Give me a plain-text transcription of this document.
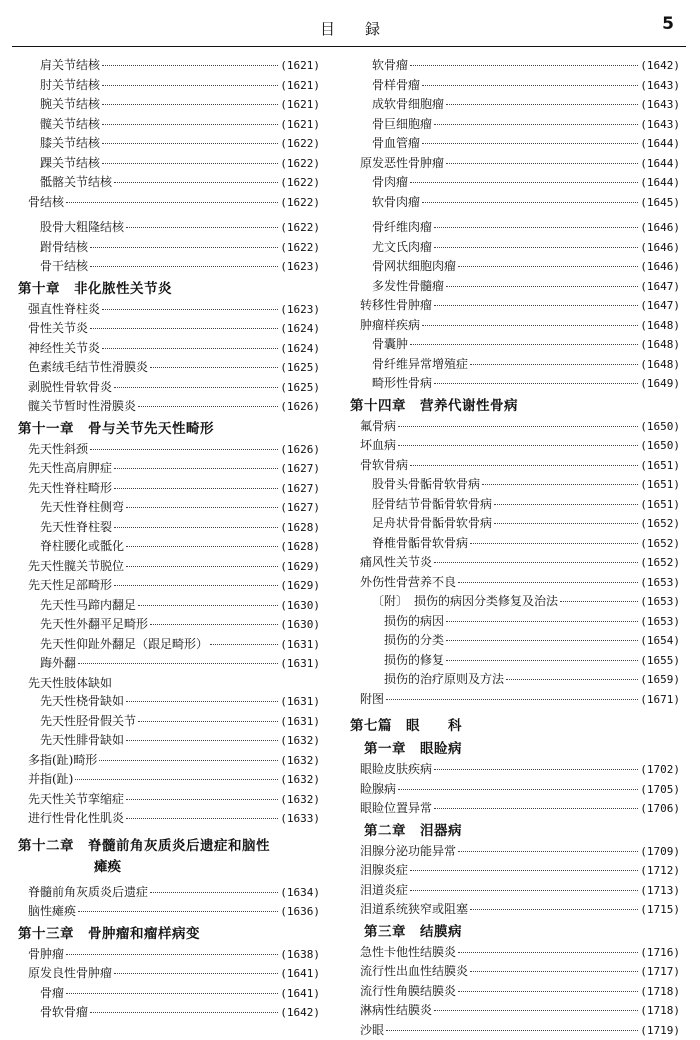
目　　録	5
肩关节结核	(1621)
肘关节结核	(1621)
腕关节结核	(1621)
髋关节结核	(1621)
膝关节结核	(1622)
踝关节结核	(1622)
骶髂关节结核	(1622)
骨结核	(1622)
股骨大粗隆结核	(1622)
跗骨结核	(1622)
骨干结核	(1623)
第十章　非化脓性关节炎
强直性脊柱炎	(1623)
骨性关节炎	(1624)
神经性关节炎	(1624)
色素绒毛结节性滑膜炎	(1625)
剥脱性骨软骨炎	(1625)
髋关节暂时性滑膜炎	(1626)
第十一章　骨与关节先天性畸形
先天性斜颈	(1626)
先天性高肩胛症	(1627)
先天性脊柱畸形	(1627)
先天性脊柱侧弯	(1627)
先天性脊柱裂	(1628)
脊柱腰化或骶化	(1628)
先天性髋关节脱位	(1629)
先天性足部畸形	(1629)
先天性马蹄内翻足	(1630)
先天性外翻平足畸形	(1630)
先天性仰趾外翻足（跟足畸形）	(1631)
踇外翻	(1631)
先天性肢体缺如
先天性桡骨缺如	(1631)
先天性胫骨假关节	(1631)
先天性腓骨缺如	(1632)
多指(趾)畸形	(1632)
并指(趾)	(1632)
先天性关节挛缩症	(1632)
进行性骨化性肌炎	(1633)
第十二章　脊髓前角灰质炎后遗症和脑性
瘫痪
脊髓前角灰质炎后遗症	(1634)
脑性瘫痪	(1636)
第十三章　骨肿瘤和瘤样病变
骨肿瘤	(1638)
原发良性骨肿瘤	(1641)
骨瘤	(1641)
骨软骨瘤	(1642)
软骨瘤	(1642)
骨样骨瘤	(1643)
成软骨细胞瘤	(1643)
骨巨细胞瘤	(1643)
骨血管瘤	(1644)
原发恶性骨肿瘤	(1644)
骨肉瘤	(1644)
软骨肉瘤	(1645)
骨纤维肉瘤	(1646)
尤文氏肉瘤	(1646)
骨网状细胞肉瘤	(1646)
多发性骨髓瘤	(1647)
转移性骨肿瘤	(1647)
肿瘤样疾病	(1648)
骨囊肿	(1648)
骨纤维异常增殖症	(1648)
畸形性骨病	(1649)
第十四章　营养代谢性骨病
氟骨病	(1650)
坏血病	(1650)
骨软骨病	(1651)
股骨头骨骺骨软骨病	(1651)
胫骨结节骨骺骨软骨病	(1651)
足舟状骨骨骺骨软骨病	(1652)
脊椎骨骺骨软骨病	(1652)
痛风性关节炎	(1652)
外伤性骨营养不良	(1653)
〔附〕　损伤的病因分类修复及治法	(1653)
损伤的病因	(1653)
损伤的分类	(1654)
损伤的修复	(1655)
损伤的治疗原则及方法	(1659)
附图	(1671)
第七篇　眼　　科
　第一章　眼睑病
眼睑皮肤疾病	(1702)
睑腺病	(1705)
眼睑位置异常	(1706)
　第二章　泪器病
泪腺分泌功能异常	(1709)
泪腺炎症	(1712)
泪道炎症	(1713)
泪道系统狭窄或阻塞	(1715)
　第三章　结膜病
急性卡他性结膜炎	(1716)
流行性出血性结膜炎	(1717)
流行性角膜结膜炎	(1718)
淋病性结膜炎	(1718)
沙眼	(1719)
